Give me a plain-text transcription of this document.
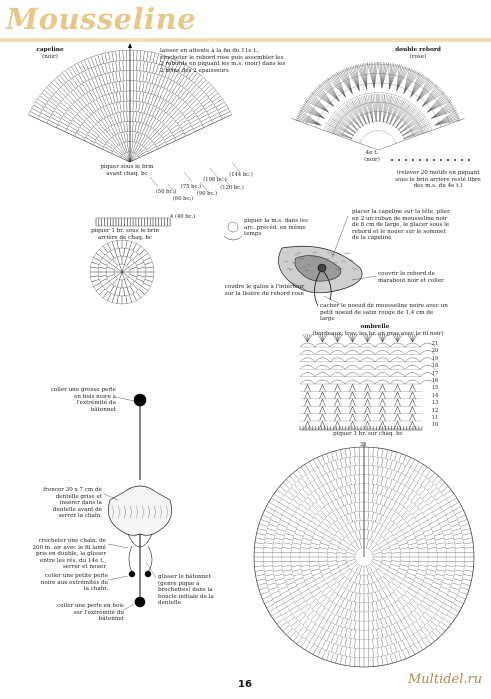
Mousseline
capeline
(noir)
laisser en attente à la fin du 11e t., crocheter le rebord rose puis assembler les 2 rebords en piquant les m.s. (noir) dans les 2 brins des 2 épaisseurs
piquer sous le brin avant chaq. bc
(50 bc.)
(60 bc.)
(75 bc.)
(90 bc.)
(108 bc.)
(126 bc.)
(144 bc.)
double rebord
(rose)
4e t.
(noir)
(relever 20 motifs en piquant sous le brin arrière resté libre des m.s. du 4e t.)
4 (40 bc.)
piquer 1 br. sous le brin arrière de chaq. bc
piquer la m.s. dans les arc. précéd. en même temps
placer la capeline sur la tête, plier en 2 un ruban de mousseline noir de 8 cm de large, le placer sous le rebord et le nouer sur le sommet de la capeline
coudre le galon à l'intérieur sur la lisière du rebord rose
couvrir le rebord de marabout noir et coller
cacher le noeud de mousseline noire avec un petit noeud de satin rouge de 1,4 cm de large
ombrelle
(bordeaux, trav. les br. en gras avec le fil noir)
piquer 1 br. sur chaq. bc
35
21
20
19
18
17
16
15
14
13
12
11
10
coller une grosse perle en bois noire à l'extrémité du bâtonnet
froncer 30 x 7 cm de dentelle grise et insérer dans la dentelle avant de serrer la chaîn.
crocheter une chaîn. de 200 m. air avec le fil lamé pris en double, la glisser entre les rés. du 14e t., serrer et nouer
coller une petite perle noire aux extrémités de la chaîn.
coller une perle en bois sur l'extrémité du bâtonnet
glisser le bâtonnet (genre pique à brochettes) dans la boucle initiale de la dentelle
16	Multidel.ru
